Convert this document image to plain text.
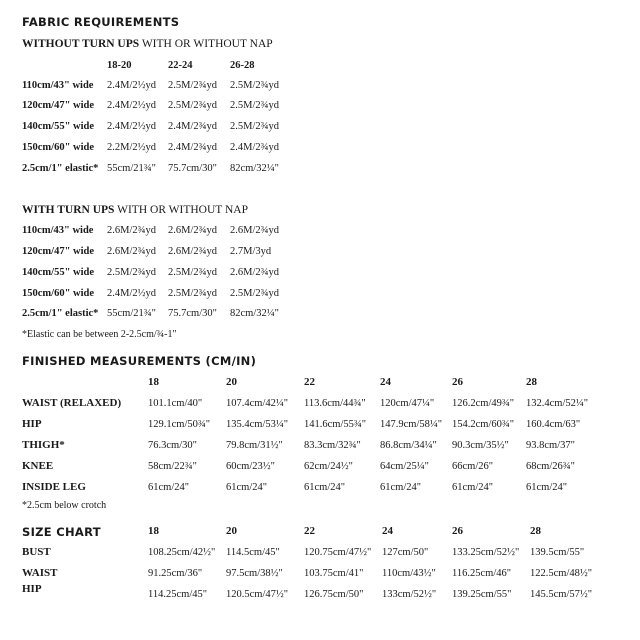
FABRIC REQUIREMENTS
WITHOUT TURN UPS WITH OR WITHOUT NAP
18-20	22-24	26-28
110cm/43" wide 2.4M/2½yd 2.5M/2¾yd 2.5M/2¾yd
120cm/47" wide 2.4M/2½yd 2.5M/2¾yd 2.5M/2¾yd
140cm/55" wide 2.4M/2½yd 2.4M/2¾yd 2.5M/2¾yd
150cm/60" wide 2.2M/2½yd 2.4M/2¾yd 2.4M/2¾yd
2.5cm/1" elastic* 55cm/21¾" 75.7cm/30" 82cm/32¼"
WITH TURN UPS WITH OR WITHOUT NAP
110cm/43" wide 2.6M/2¾yd 2.6M/2¾yd 2.6M/2¾yd
120cm/47" wide 2.6M/2¾yd 2.6M/2¾yd 2.7M/3yd
140cm/55" wide 2.5M/2¾yd 2.5M/2¾yd 2.6M/2¾yd
150cm/60" wide 2.4M/2½yd 2.5M/2¾yd 2.5M/2¾yd
2.5cm/1" elastic* 55cm/21¾" 75.7cm/30" 82cm/32¼"
*Elastic can be between 2-2.5cm/¾-1"
FINISHED MEASUREMENTS (CM/IN)
18	20	22	24	26	28
WAIST (RELAXED)	101.1cm/40" 107.4cm/42¼" 113.6cm/44¾" 120cm/47¼" 126.2cm/49¾" 132.4cm/52¼"
HIP	129.1cm/50¾" 135.4cm/53¼" 141.6cm/55¾" 147.9cm/58¼" 154.2cm/60¾" 160.4cm/63"
THIGH*	76.3cm/30"	79.8cm/31½" 83.3cm/32¾" 86.8cm/34¼" 90.3cm/35½" 93.8cm/37"
KNEE	58cm/22¾"	60cm/23½"	62cm/24½"	64cm/25¼" 66cm/26"	68cm/26¾"
INSIDE LEG	61cm/24"	61cm/24"	61cm/24"	61cm/24"	61cm/24"	61cm/24"
*2.5cm below crotch
SIZE CHART	18	20	22	24	26	28
BUST	108.25cm/42½" 114.5cm/45" 120.75cm/47½" 127cm/50" 133.25cm/52½" 139.5cm/55"
WAIST	91.25cm/36" 97.5cm/38½" 103.75cm/41" 110cm/43½" 116.25cm/46" 122.5cm/48½"
HIP	114.25cm/45" 120.5cm/47½" 126.75cm/50" 133cm/52½" 139.25cm/55" 145.5cm/57½"
